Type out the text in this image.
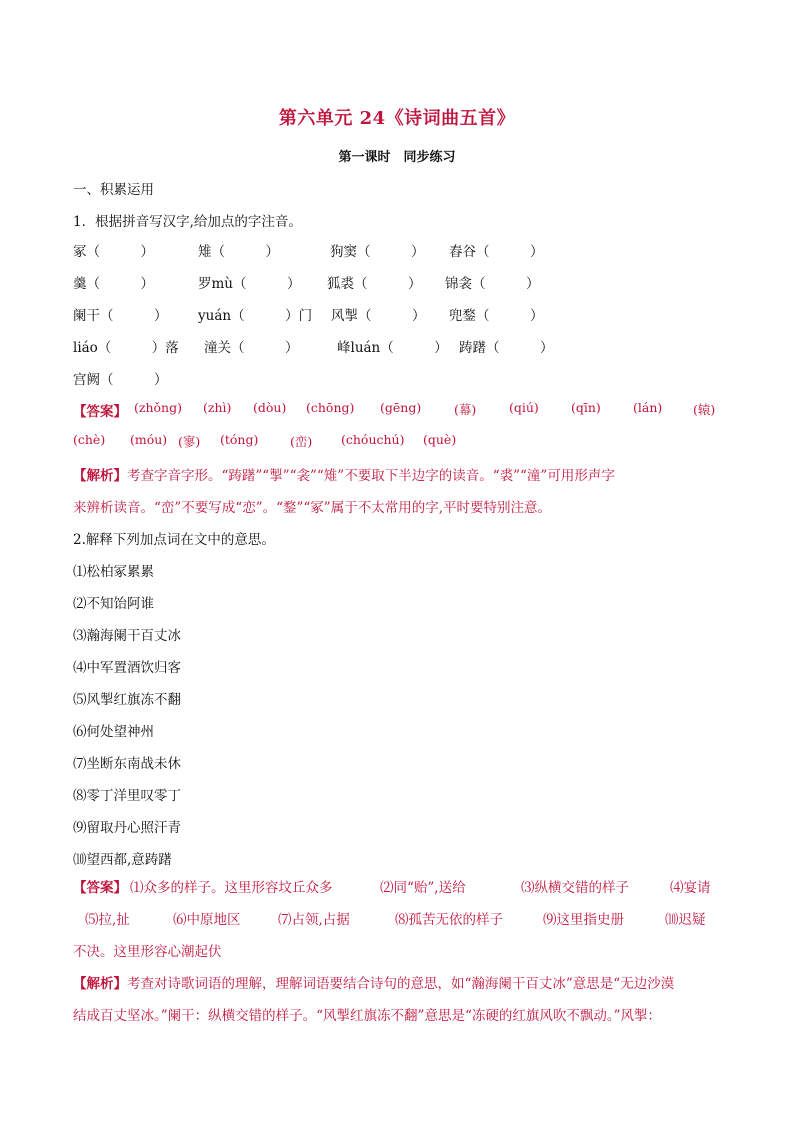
第六单元 24《诗词曲五首》
第一课时　同步练习
一、积累运用
1．根据拼音写汉字,给加点的字注音。
冢（　　　）	雉（　　　）	狗窦（　　　） 舂谷（　　　）
羹（　　　）	罗mù（　　　） 狐裘（　　　） 锦衾（　　　）
阑干（　　　） yuán（　　　）门 风掣（　　　） 兜鍪（　　　）
liáo（　　　）落 潼关（　　　）	峰luán（　　　） 踌躇（　　　）
宫阙（　　　）
【答案】 (zhǒng) (zhì) (dòu) (chōng) (gēng)	(幕)	(qiú)	(qīn)	(lán) (辕)
(chè) (móu) (寥) (tóng)	(峦) (chóuchú) (què)
【解析】考查字音字形。“踌躇”“掣”“衾”“雉”不要取下半边字的读音。“裘”“潼”可用形声字
来辨析读音。“峦”不要写成“恋”。“鍪”“冢”属于不太常用的字,平时要特别注意。
2.解释下列加点词在文中的意思。
⑴松柏冢累累
⑵不知饴阿谁
⑶瀚海阑干百丈冰
⑷中军置酒饮归客
⑸风掣红旗冻不翻
⑹何处望神州
⑺坐断东南战未休
⑻零丁洋里叹零丁
⑼留取丹心照汗青
⑽望西都,意踌躇
【答案】 ⑴众多的样子。这里形容坟丘众多	⑵同“贻”,送给	⑶纵横交错的样子	⑷宴请
⑸拉,扯	⑹中原地区	⑺占领,占据	⑻孤苦无依的样子	⑼这里指史册	⑽迟疑
不决。这里形容心潮起伏
【解析】考查对诗歌词语的理解，理解词语要结合诗句的意思，如“瀚海阑干百丈冰”意思是“无边沙漠
结成百丈坚冰。”阑干：纵横交错的样子。“风掣红旗冻不翻”意思是“冻硬的红旗风吹不飘动。”风掣：
